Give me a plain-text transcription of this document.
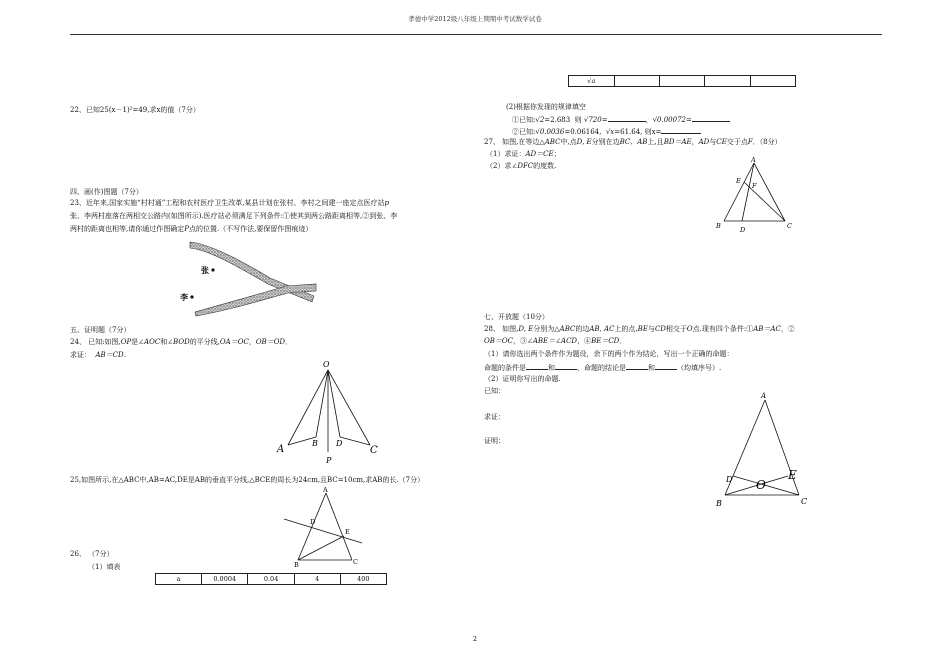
孝德中学2012级八年级上期期中考试数学试卷
22、已知25(x－1)²=49,求x的值（7分）
四、画(作)图题（7分）
23、近年来,国家实施“村村通”工程和农村医疗卫生改革,某县计划在张村、李村之间建一座定点医疗站p
张、李两村座落在两相交公路内(如图所示).医疗站必须满足下列条件:①使其到两公路距离相等,②到张、李
两村的距离也相等,请你通过作图确定P点的位置.（不写作法,要保留作图痕迹）
张
李
五、证明题（7分）
24、 已知:如图,OP是∠AOC和∠BOD的平分线,OA＝OC，OB＝OD．
求证： AB＝CD．
O
A
B D
C
P
25,如图所示,在△ABC中,AB=AC,DE是AB的垂直平分线,△BCE的周长为24cm,且BC=10cm,求AB的长.（7分）
A
D
E
B	C
26、 （7分）
（1）填表
a	0.0004	0.04	4	400
√a				
(2)根据你发现的规律填空
①已知:√2=2.683 则 √720=	，√0.00072=
②已知:√0.0036=0.06164, √x=61.64, 则x=
27、 如图,在等边△ABC中,点D, E分别在边BC、AB上,且BD＝AE，AD与CE交于点F．（8分）
（1）求证：AD＝CE；
（2）求∠DFC的度数.
A
E
F
B	D	C
七、开放题（10分）
28、 如图,D, E分别为△ABC的边AB, AC上的点,BE与CD相交于O点.现有四个条件:①AB＝AC，②
OB＝OC，③∠ABE＝∠ACD，④BE＝CD．
（1）请你选出两个条件作为题设，余下的两个作为结论，写出一个正确的命题：
命题的条件是	和	，命题的结论是	和	（均填序号）.
（2）证明你写出的命题.
已知：
求证：
证明：
A
D O
E
B	C
2
